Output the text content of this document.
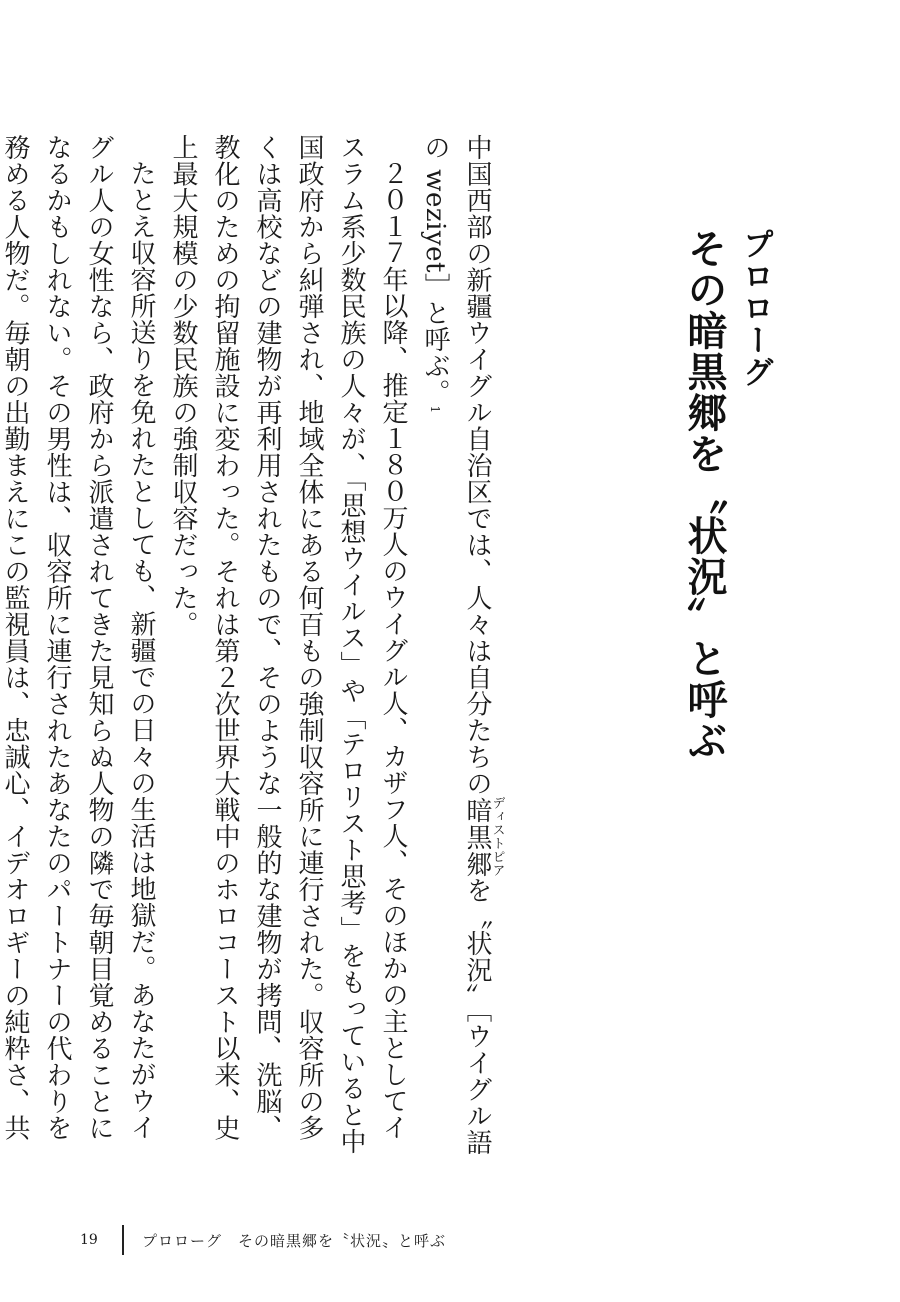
プロローグ
その暗黒郷を〝状況〟と呼ぶ

中国西部の新疆ウイグル自治区では、人々は自分たちの暗黒郷ディストピアを〝状況〟［ウイグル語の weziyet］と呼ぶ。$^1$

２０１７年以降、推定１８０万人のウイグル人、カザフ人、そのほかの主としてイスラム系少数民族の人々が、「思想ウイルス」や「テロリスト思考」をもっていると中国政府から糾弾され、地域全体にある何百もの強制収容所に連行された。収容所の多くは高校などの建物が再利用されたもので、そのような一般的な建物が拷問、洗脳、教化のための拘留施設に変わった。それは第２次世界大戦中のホロコースト以来、史上最大規模の少数民族の強制収容だった。

たとえ収容所送りを免れたとしても、新疆での日々の生活は地獄だ。あなたがウイグル人の女性なら、政府から派遣されてきた見知らぬ人物の隣で毎朝目覚めることになるかもしれない。その男性は、収容所に連行されたあなたのパートナーの代わりを務める人物だ。毎朝の出勤まえにこの監視員は、忠誠心、イデオロギーの純粋さ、共

19	プロローグ　その暗黒郷を〝状況〟と呼ぶ
